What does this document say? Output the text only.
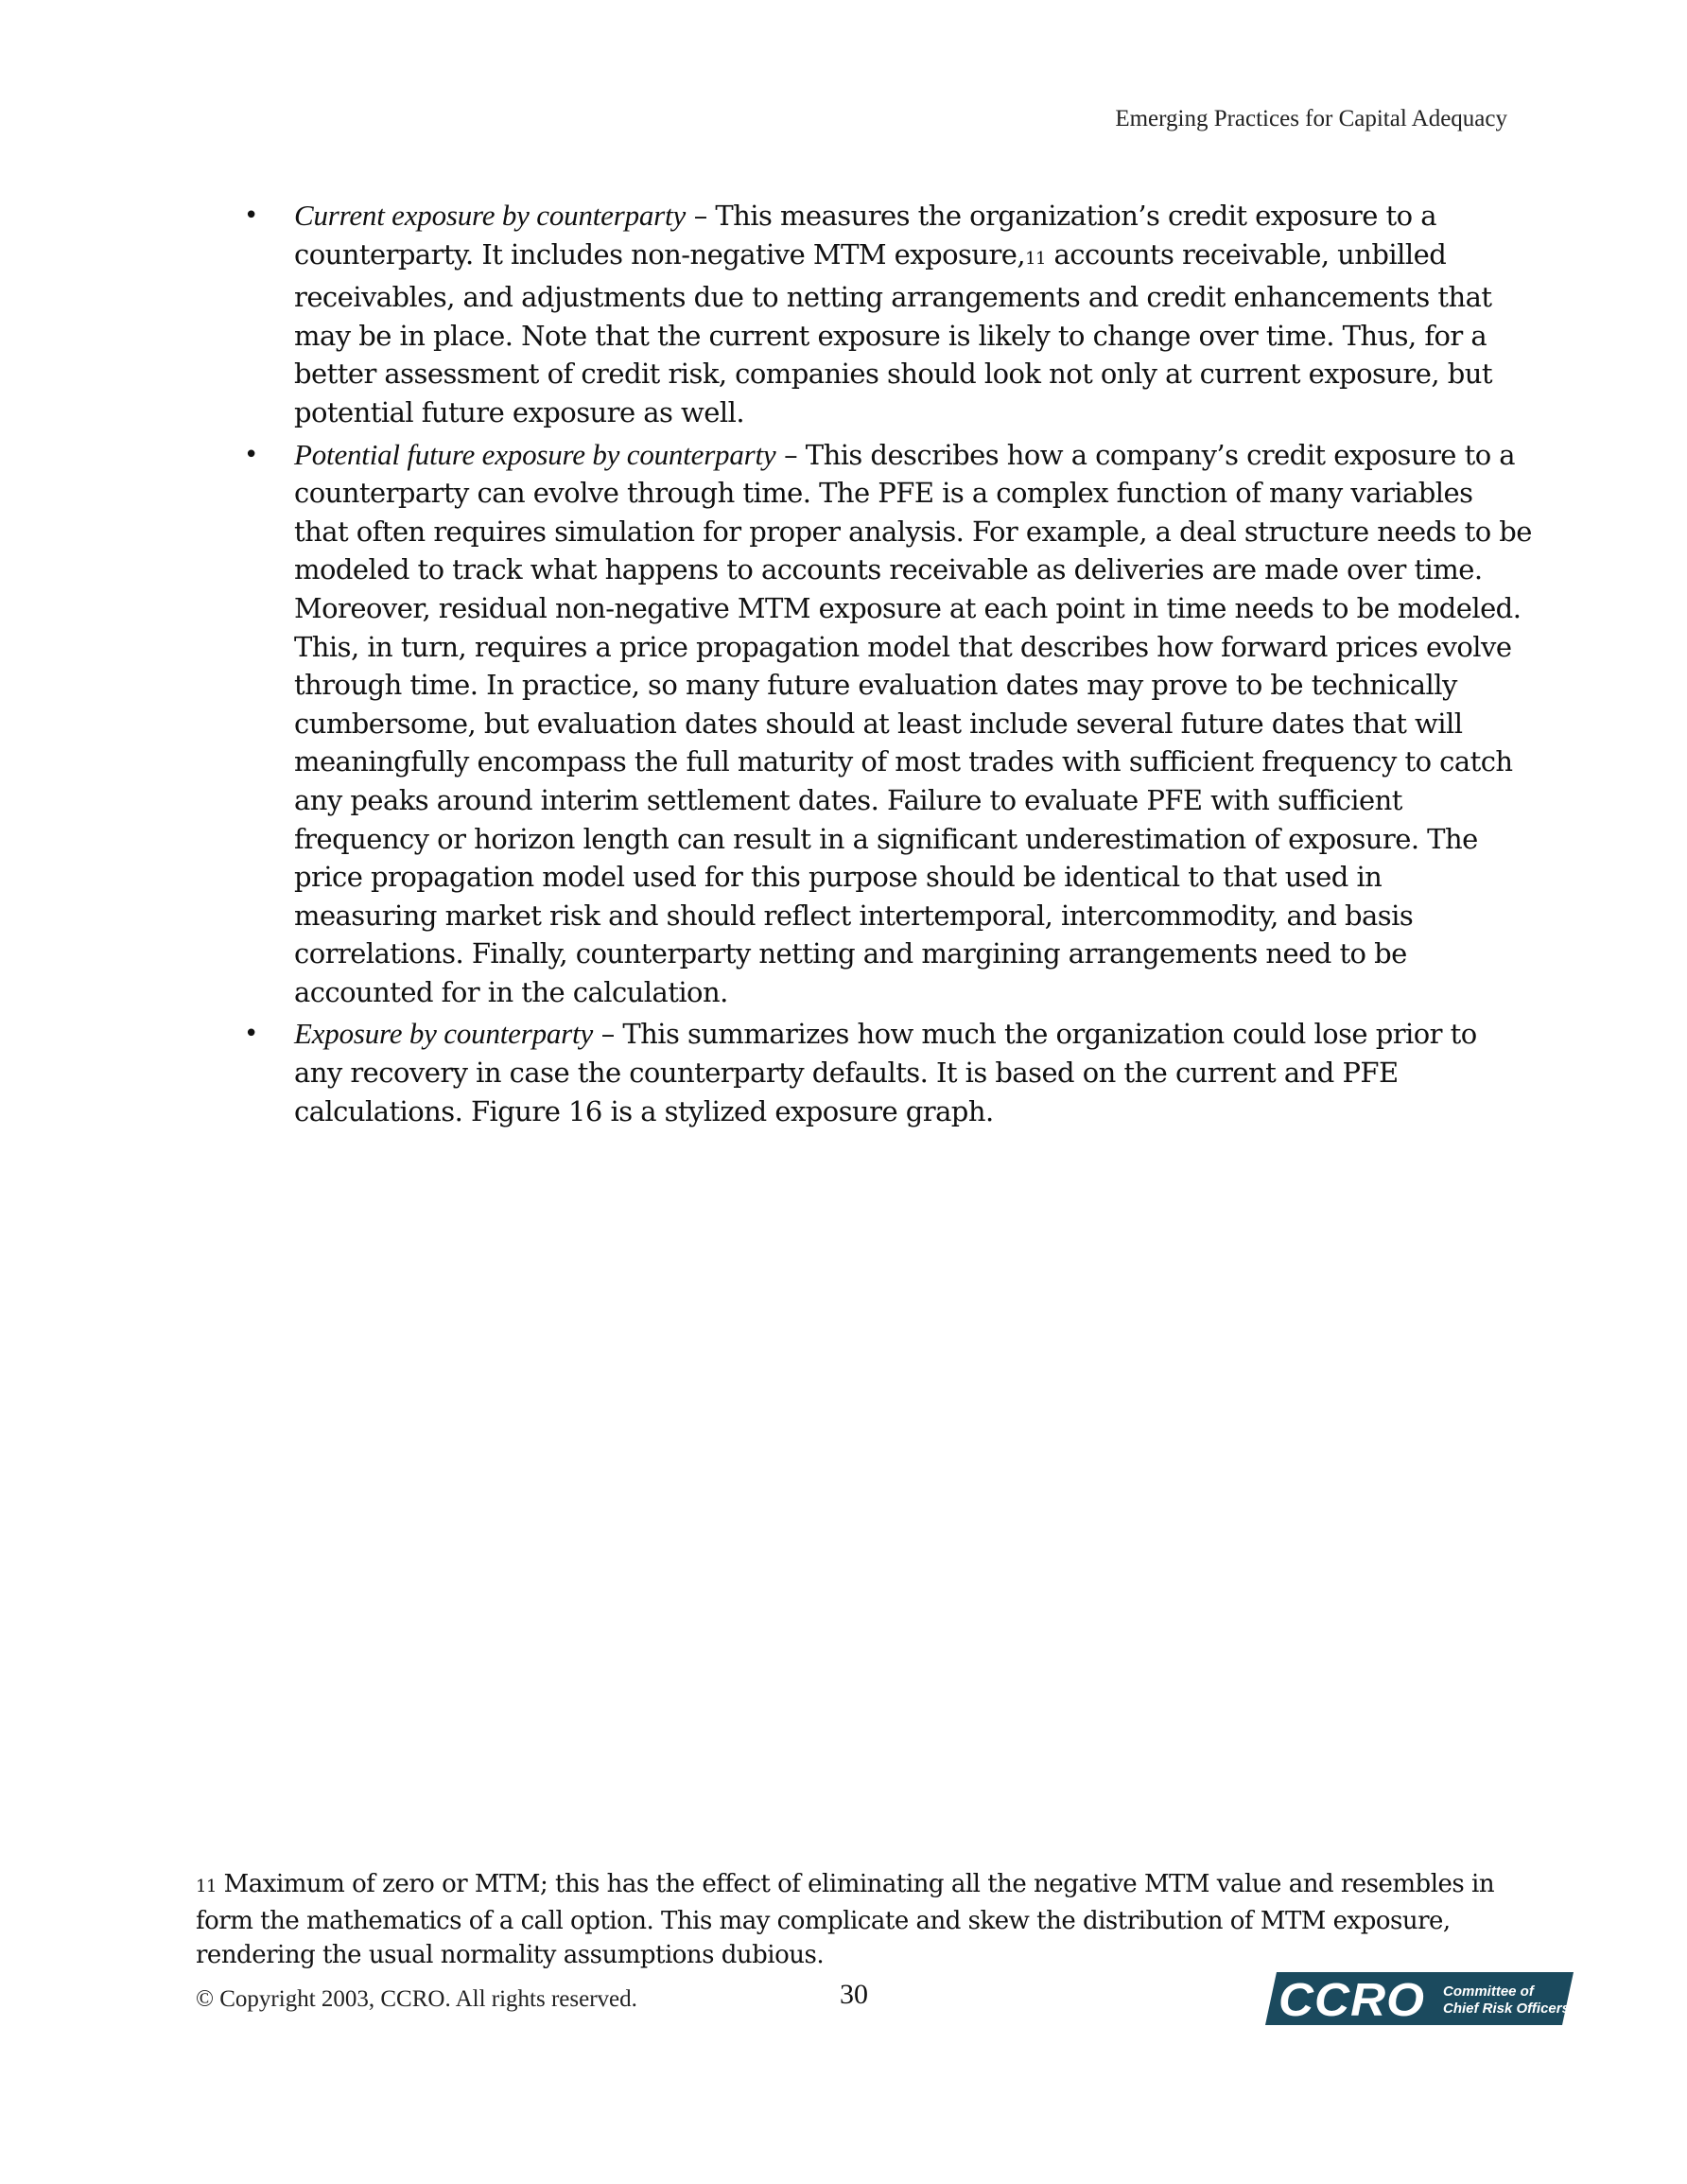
Emerging Practices for Capital Adequacy
• Current exposure by counterparty – This measures the organization’s credit exposure to a counterparty. It includes non-negative MTM exposure,11 accounts receivable, unbilled receivables, and adjustments due to netting arrangements and credit enhancements that may be in place. Note that the current exposure is likely to change over time. Thus, for a better assessment of credit risk, companies should look not only at current exposure, but potential future exposure as well.
• Potential future exposure by counterparty – This describes how a company’s credit exposure to a counterparty can evolve through time. The PFE is a complex function of many variables that often requires simulation for proper analysis. For example, a deal structure needs to be modeled to track what happens to accounts receivable as deliveries are made over time. Moreover, residual non-negative MTM exposure at each point in time needs to be modeled. This, in turn, requires a price propagation model that describes how forward prices evolve through time. In practice, so many future evaluation dates may prove to be technically cumbersome, but evaluation dates should at least include several future dates that will meaningfully encompass the full maturity of most trades with sufficient frequency to catch any peaks around interim settlement dates. Failure to evaluate PFE with sufficient frequency or horizon length can result in a significant underestimation of exposure. The price propagation model used for this purpose should be identical to that used in measuring market risk and should reflect intertemporal, intercommodity, and basis correlations. Finally, counterparty netting and margining arrangements need to be accounted for in the calculation.
• Exposure by counterparty – This summarizes how much the organization could lose prior to any recovery in case the counterparty defaults. It is based on the current and PFE calculations. Figure 16 is a stylized exposure graph.
11 Maximum of zero or MTM; this has the effect of eliminating all the negative MTM value and resembles in form the mathematics of a call option. This may complicate and skew the distribution of MTM exposure, rendering the usual normality assumptions dubious.
© Copyright 2003, CCRO. All rights reserved.	30	CCRO Committee of
Chief Risk Officers
